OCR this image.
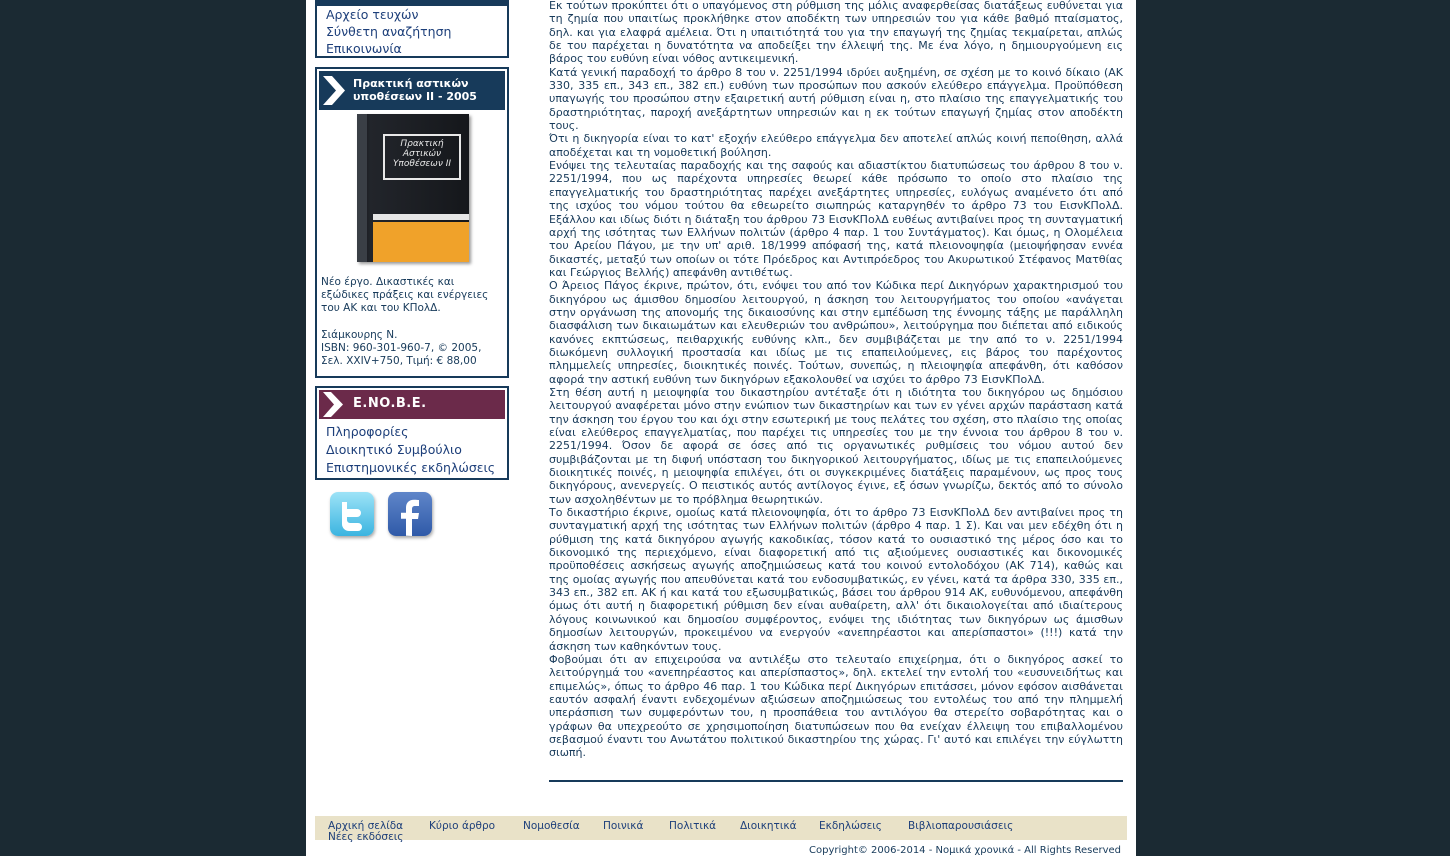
Αρχείο τευχών
Σύνθετη αναζήτηση
Επικοινωνία
Πρακτική αστικών
υποθέσεων ΙΙ - 2005
Πρακτική Αστικών Υποθέσεων ΙΙ
Νέο έργο. Δικαστικές και εξώδικες πράξεις και ενέργειες του ΑΚ και του ΚΠολΔ.
Σιάμκουρης Ν.
ISBN: 960-301-960-7, © 2005, Σελ. XXIV+750, Τιμή: € 88,00
E.NO.B.E.
Πληροφορίες
Διοικητικό Συμβούλιο
Επιστημονικές εκδηλώσεις

Εκ τούτων προκύπτει ότι ο υπαγόμενος στη ρύθμιση της μόλις αναφερθείσας διατάξεως ευθύνεται για τη ζημία που υπαιτίως προκλήθηκε στον αποδέκτη των υπηρεσιών του για κάθε βαθμό πταίσματος, δηλ. και για ελαφρά αμέλεια. Ότι η υπαιτιότητά του για την επαγωγή της ζημίας τεκμαίρεται, απλώς δε του παρέχεται η δυνατότητα να αποδείξει την έλλειψή της. Με ένα λόγο, η δημιουργούμενη εις βάρος του ευθύνη είναι νόθος αντικειμενική.

Κατά γενική παραδοχή το άρθρο 8 του ν. 2251/1994 ιδρύει αυξημένη, σε σχέση με το κοινό δίκαιο (ΑΚ 330, 335 επ., 343 επ., 382 επ.) ευθύνη των προσώπων που ασκούν ελεύθερο επάγγελμα. Προϋπόθεση υπαγωγής του προσώπου στην εξαιρετική αυτή ρύθμιση είναι η, στο πλαίσιο της επαγγελματικής του δραστηριότητας, παροχή ανεξάρτητων υπηρεσιών και η εκ τούτων επαγωγή ζημίας στον αποδέκτη τους.

Ότι η δικηγορία είναι το κατ' εξοχήν ελεύθερο επάγγελμα δεν αποτελεί απλώς κοινή πεποίθηση, αλλά αποδέχεται και τη νομοθετική βούληση.

Ενόψει της τελευταίας παραδοχής και της σαφούς και αδιαστίκτου διατυπώσεως του άρθρου 8 του ν. 2251/1994, που ως παρέχοντα υπηρεσίες θεωρεί κάθε πρόσωπο το οποίο στο πλαίσιο της επαγγελματικής του δραστηριότητας παρέχει ανεξάρτητες υπηρεσίες, ευλόγως αναμένετο ότι από της ισχύος του νόμου τούτου θα εθεωρείτο σιωπηρώς καταργηθέν το άρθρο 73 του ΕισνΚΠολΔ. Εξάλλου και ιδίως διότι η διάταξη του άρθρου 73 ΕισνΚΠολΔ ευθέως αντιβαίνει προς τη συνταγματική αρχή της ισότητας των Ελλήνων πολιτών (άρθρο 4 παρ. 1 του Συντάγματος). Και όμως, η Ολομέλεια του Αρείου Πάγου, με την υπ' αριθ. 18/1999 απόφασή της, κατά πλειονοψηφία (μειοψήφησαν εννέα δικαστές, μεταξύ των οποίων οι τότε Πρόεδρος και Αντιπρόεδρος του Ακυρωτικού Στέφανος Ματθίας και Γεώργιος Βελλής) απεφάνθη αντιθέτως.

Ο Άρειος Πάγος έκρινε, πρώτον, ότι, ενόψει του από τον Κώδικα περί Δικηγόρων χαρακτηρισμού του δικηγόρου ως άμισθου δημοσίου λειτουργού, η άσκηση του λειτουργήματος του οποίου «ανάγεται στην οργάνωση της απονομής της δικαιοσύνης και στην εμπέδωση της έννομης τάξης με παράλληλη διασφάλιση των δικαιωμάτων και ελευθεριών του ανθρώπου», λειτούργημα που διέπεται από ειδικούς κανόνες εκπτώσεως, πειθαρχικής ευθύνης κλπ., δεν συμβιβάζεται με την από το ν. 2251/1994 διωκόμενη συλλογική προστασία και ιδίως με τις επαπειλούμενες, εις βάρος του παρέχοντος πλημμελείς υπηρεσίες, διοικητικές ποινές. Τούτων, συνεπώς, η πλειοψηφία απεφάνθη, ότι καθόσον αφορά την αστική ευθύνη των δικηγόρων εξακολουθεί να ισχύει το άρθρο 73 ΕισνΚΠολΔ.

Στη θέση αυτή η μειοψηφία του δικαστηρίου αντέταξε ότι η ιδιότητα του δικηγόρου ως δημόσιου λειτουργού αναφέρεται μόνο στην ενώπιον των δικαστηρίων και των εν γένει αρχών παράσταση κατά την άσκηση του έργου του και όχι στην εσωτερική με τους πελάτες του σχέση, στο πλαίσιο της οποίας είναι ελεύθερος επαγγελματίας, που παρέχει τις υπηρεσίες του με την έννοια του άρθρου 8 του ν. 2251/1994. Όσον δε αφορά σε όσες από τις οργανωτικές ρυθμίσεις του νόμου αυτού δεν συμβιβάζονται με τη διφυή υπόσταση του δικηγορικού λειτουργήματος, ιδίως με τις επαπειλούμενες διοικητικές ποινές, η μειοψηφία επιλέγει, ότι οι συγκεκριμένες διατάξεις παραμένουν, ως προς τους δικηγόρους, ανενεργείς. Ο πειστικός αυτός αντίλογος έγινε, εξ όσων γνωρίζω, δεκτός από το σύνολο των ασχοληθέντων με το πρόβλημα θεωρητικών.

Το δικαστήριο έκρινε, ομοίως κατά πλειονοψηφία, ότι το άρθρο 73 ΕισνΚΠολΔ δεν αντιβαίνει προς τη συνταγματική αρχή της ισότητας των Ελλήνων πολιτών (άρθρο 4 παρ. 1 Σ). Και ναι μεν εδέχθη ότι η ρύθμιση της κατά δικηγόρου αγωγής κακοδικίας, τόσον κατά το ουσιαστικό της μέρος όσο και το δικονομικό της περιεχόμενο, είναι διαφορετική από τις αξιούμενες ουσιαστικές και δικονομικές προϋποθέσεις ασκήσεως αγωγής αποζημιώσεως κατά του κοινού εντολοδόχου (ΑΚ 714), καθώς και της ομοίας αγωγής που απευθύνεται κατά του ενδοσυμβατικώς, εν γένει, κατά τα άρθρα 330, 335 επ., 343 επ., 382 επ. ΑΚ ή και κατά του εξωσυμβατικώς, βάσει του άρθρου 914 ΑΚ, ευθυνόμενου, απεφάνθη όμως ότι αυτή η διαφορετική ρύθμιση δεν είναι αυθαίρετη, αλλ' ότι δικαιολογείται από ιδιαίτερους λόγους κοινωνικού και δημοσίου συμφέροντος, ενόψει της ιδιότητας των δικηγόρων ως άμισθων δημοσίων λειτουργών, προκειμένου να ενεργούν «ανεπηρέαστοι και απερίσπαστοι» (!!!) κατά την άσκηση των καθηκόντων τους.

Φοβούμαι ότι αν επιχειρούσα να αντιλέξω στο τελευταίο επιχείρημα, ότι ο δικηγόρος ασκεί το λειτούργημά του «ανεπηρέαστος και απερίσπαστος», δηλ. εκτελεί την εντολή του «ευσυνειδήτως και επιμελώς», όπως το άρθρο 46 παρ. 1 του Κώδικα περί Δικηγόρων επιτάσσει, μόνον εφόσον αισθάνεται εαυτόν ασφαλή έναντι ενδεχομένων αξιώσεων αποζημιώσεως του εντολέως του από την πλημμελή υπεράσπιση των συμφερόντων του, η προσπάθεια του αντιλόγου θα στερείτο σοβαρότητας και ο γράφων θα υπεχρεούτο σε χρησιμοποίηση διατυπώσεων που θα ενείχαν έλλειψη του επιβαλλομένου σεβασμού έναντι του Ανωτάτου πολιτικού δικαστηρίου της χώρας. Γι' αυτό και επιλέγει την εύγλωττη σιωπή.

Αρχική σελίδα Κύριο άρθρο	Νομοθεσία Ποινικά Πολιτικά Διοικητικά Εκδηλώσεις Βιβλιοπαρουσιάσεις
Νέες εκδόσεις
Copyright© 2006-2014 - Νομικά χρονικά - All Rights Reserved
